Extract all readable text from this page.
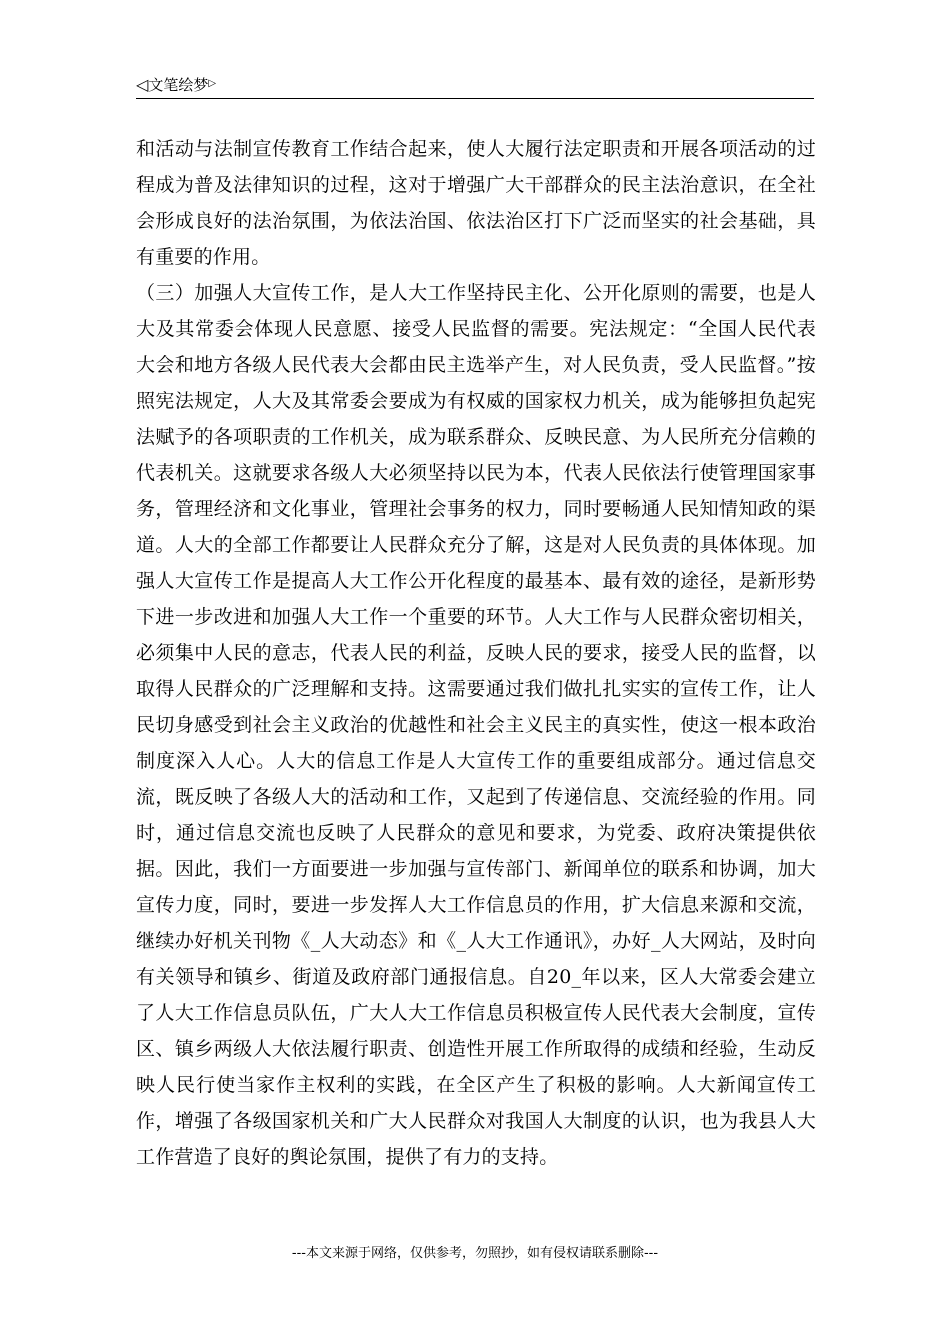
◁文笔绘梦▷

和活动与法制宣传教育工作结合起来，使人大履行法定职责和开展各项活动的过程成为普及法律知识的过程，这对于增强广大干部群众的民主法治意识，在全社会形成良好的法治氛围，为依法治国、依法治区打下广泛而坚实的社会基础，具有重要的作用。

（三）加强人大宣传工作，是人大工作坚持民主化、公开化原则的需要，也是人大及其常委会体现人民意愿、接受人民监督的需要。宪法规定：“全国人民代表大会和地方各级人民代表大会都由民主选举产生，对人民负责，受人民监督。”按照宪法规定，人大及其常委会要成为有权威的国家权力机关，成为能够担负起宪法赋予的各项职责的工作机关，成为联系群众、反映民意、为人民所充分信赖的代表机关。这就要求各级人大必须坚持以民为本，代表人民依法行使管理国家事务，管理经济和文化事业，管理社会事务的权力，同时要畅通人民知情知政的渠道。人大的全部工作都要让人民群众充分了解，这是对人民负责的具体体现。加强人大宣传工作是提高人大工作公开化程度的最基本、最有效的途径，是新形势下进一步改进和加强人大工作一个重要的环节。人大工作与人民群众密切相关，必须集中人民的意志，代表人民的利益，反映人民的要求，接受人民的监督，以取得人民群众的广泛理解和支持。这需要通过我们做扎扎实实的宣传工作，让人民切身感受到社会主义政治的优越性和社会主义民主的真实性，使这一根本政治制度深入人心。人大的信息工作是人大宣传工作的重要组成部分。通过信息交流，既反映了各级人大的活动和工作，又起到了传递信息、交流经验的作用。同时，通过信息交流也反映了人民群众的意见和要求，为党委、政府决策提供依据。因此，我们一方面要进一步加强与宣传部门、新闻单位的联系和协调，加大宣传力度，同时，要进一步发挥人大工作信息员的作用，扩大信息来源和交流，继续办好机关刊物《_人大动态》和《_人大工作通讯》，办好_人大网站，及时向有关领导和镇乡、街道及政府部门通报信息。自20_年以来，区人大常委会建立了人大工作信息员队伍，广大人大工作信息员积极宣传人民代表大会制度，宣传区、镇乡两级人大依法履行职责、创造性开展工作所取得的成绩和经验，生动反映人民行使当家作主权利的实践，在全区产生了积极的影响。人大新闻宣传工作，增强了各级国家机关和广大人民群众对我国人大制度的认识，也为我县人大工作营造了良好的舆论氛围，提供了有力的支持。

---本文来源于网络，仅供参考，勿照抄，如有侵权请联系删除---
